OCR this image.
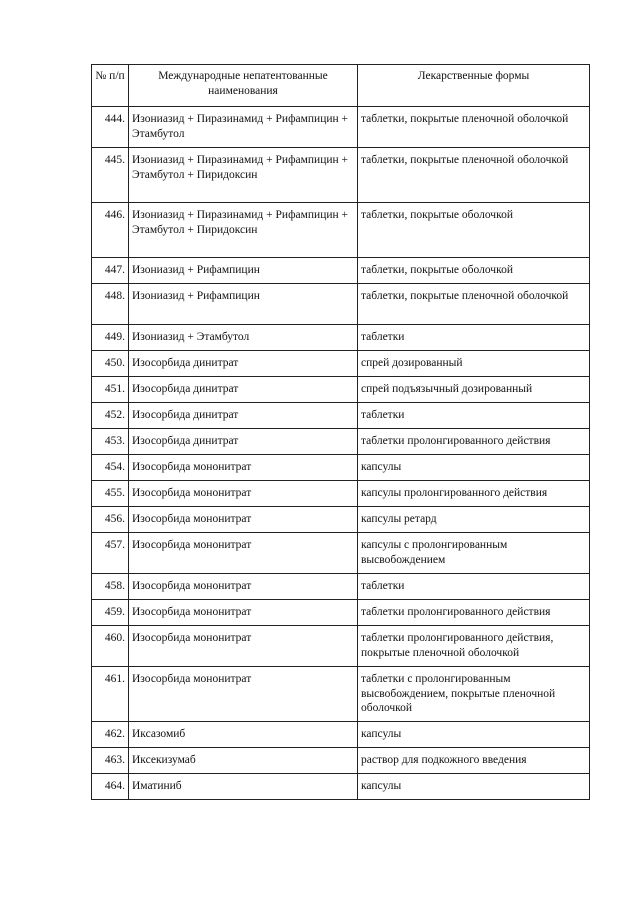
№ п/п	Международные непатентованные наименования	Лекарственные формы
444.	Изониазид + Пиразинамид + Рифампицин + Этамбутол	таблетки, покрытые пленочной оболочкой
445.	Изониазид + Пиразинамид + Рифампицин + Этамбутол + Пиридоксин	таблетки, покрытые пленочной оболочкой
446.	Изониазид + Пиразинамид + Рифампицин + Этамбутол + Пиридоксин	таблетки, покрытые оболочкой
447.	Изониазид + Рифампицин	таблетки, покрытые оболочкой
448.	Изониазид + Рифампицин	таблетки, покрытые пленочной оболочкой
449.	Изониазид + Этамбутол	таблетки
450.	Изосорбида динитрат	спрей дозированный
451.	Изосорбида динитрат	спрей подъязычный дозированный
452.	Изосорбида динитрат	таблетки
453.	Изосорбида динитрат	таблетки пролонгированного действия
454.	Изосорбида мононитрат	капсулы
455.	Изосорбида мононитрат	капсулы пролонгированного действия
456.	Изосорбида мононитрат	капсулы ретард
457.	Изосорбида мононитрат	капсулы с пролонгированным высвобождением
458.	Изосорбида мононитрат	таблетки
459.	Изосорбида мононитрат	таблетки пролонгированного действия
460.	Изосорбида мононитрат	таблетки пролонгированного действия, покрытые пленочной оболочкой
461.	Изосорбида мононитрат	таблетки с пролонгированным высвобождением, покрытые пленочной оболочкой
462.	Иксазомиб	капсулы
463.	Иксекизумаб	раствор для подкожного введения
464.	Иматиниб	капсулы
